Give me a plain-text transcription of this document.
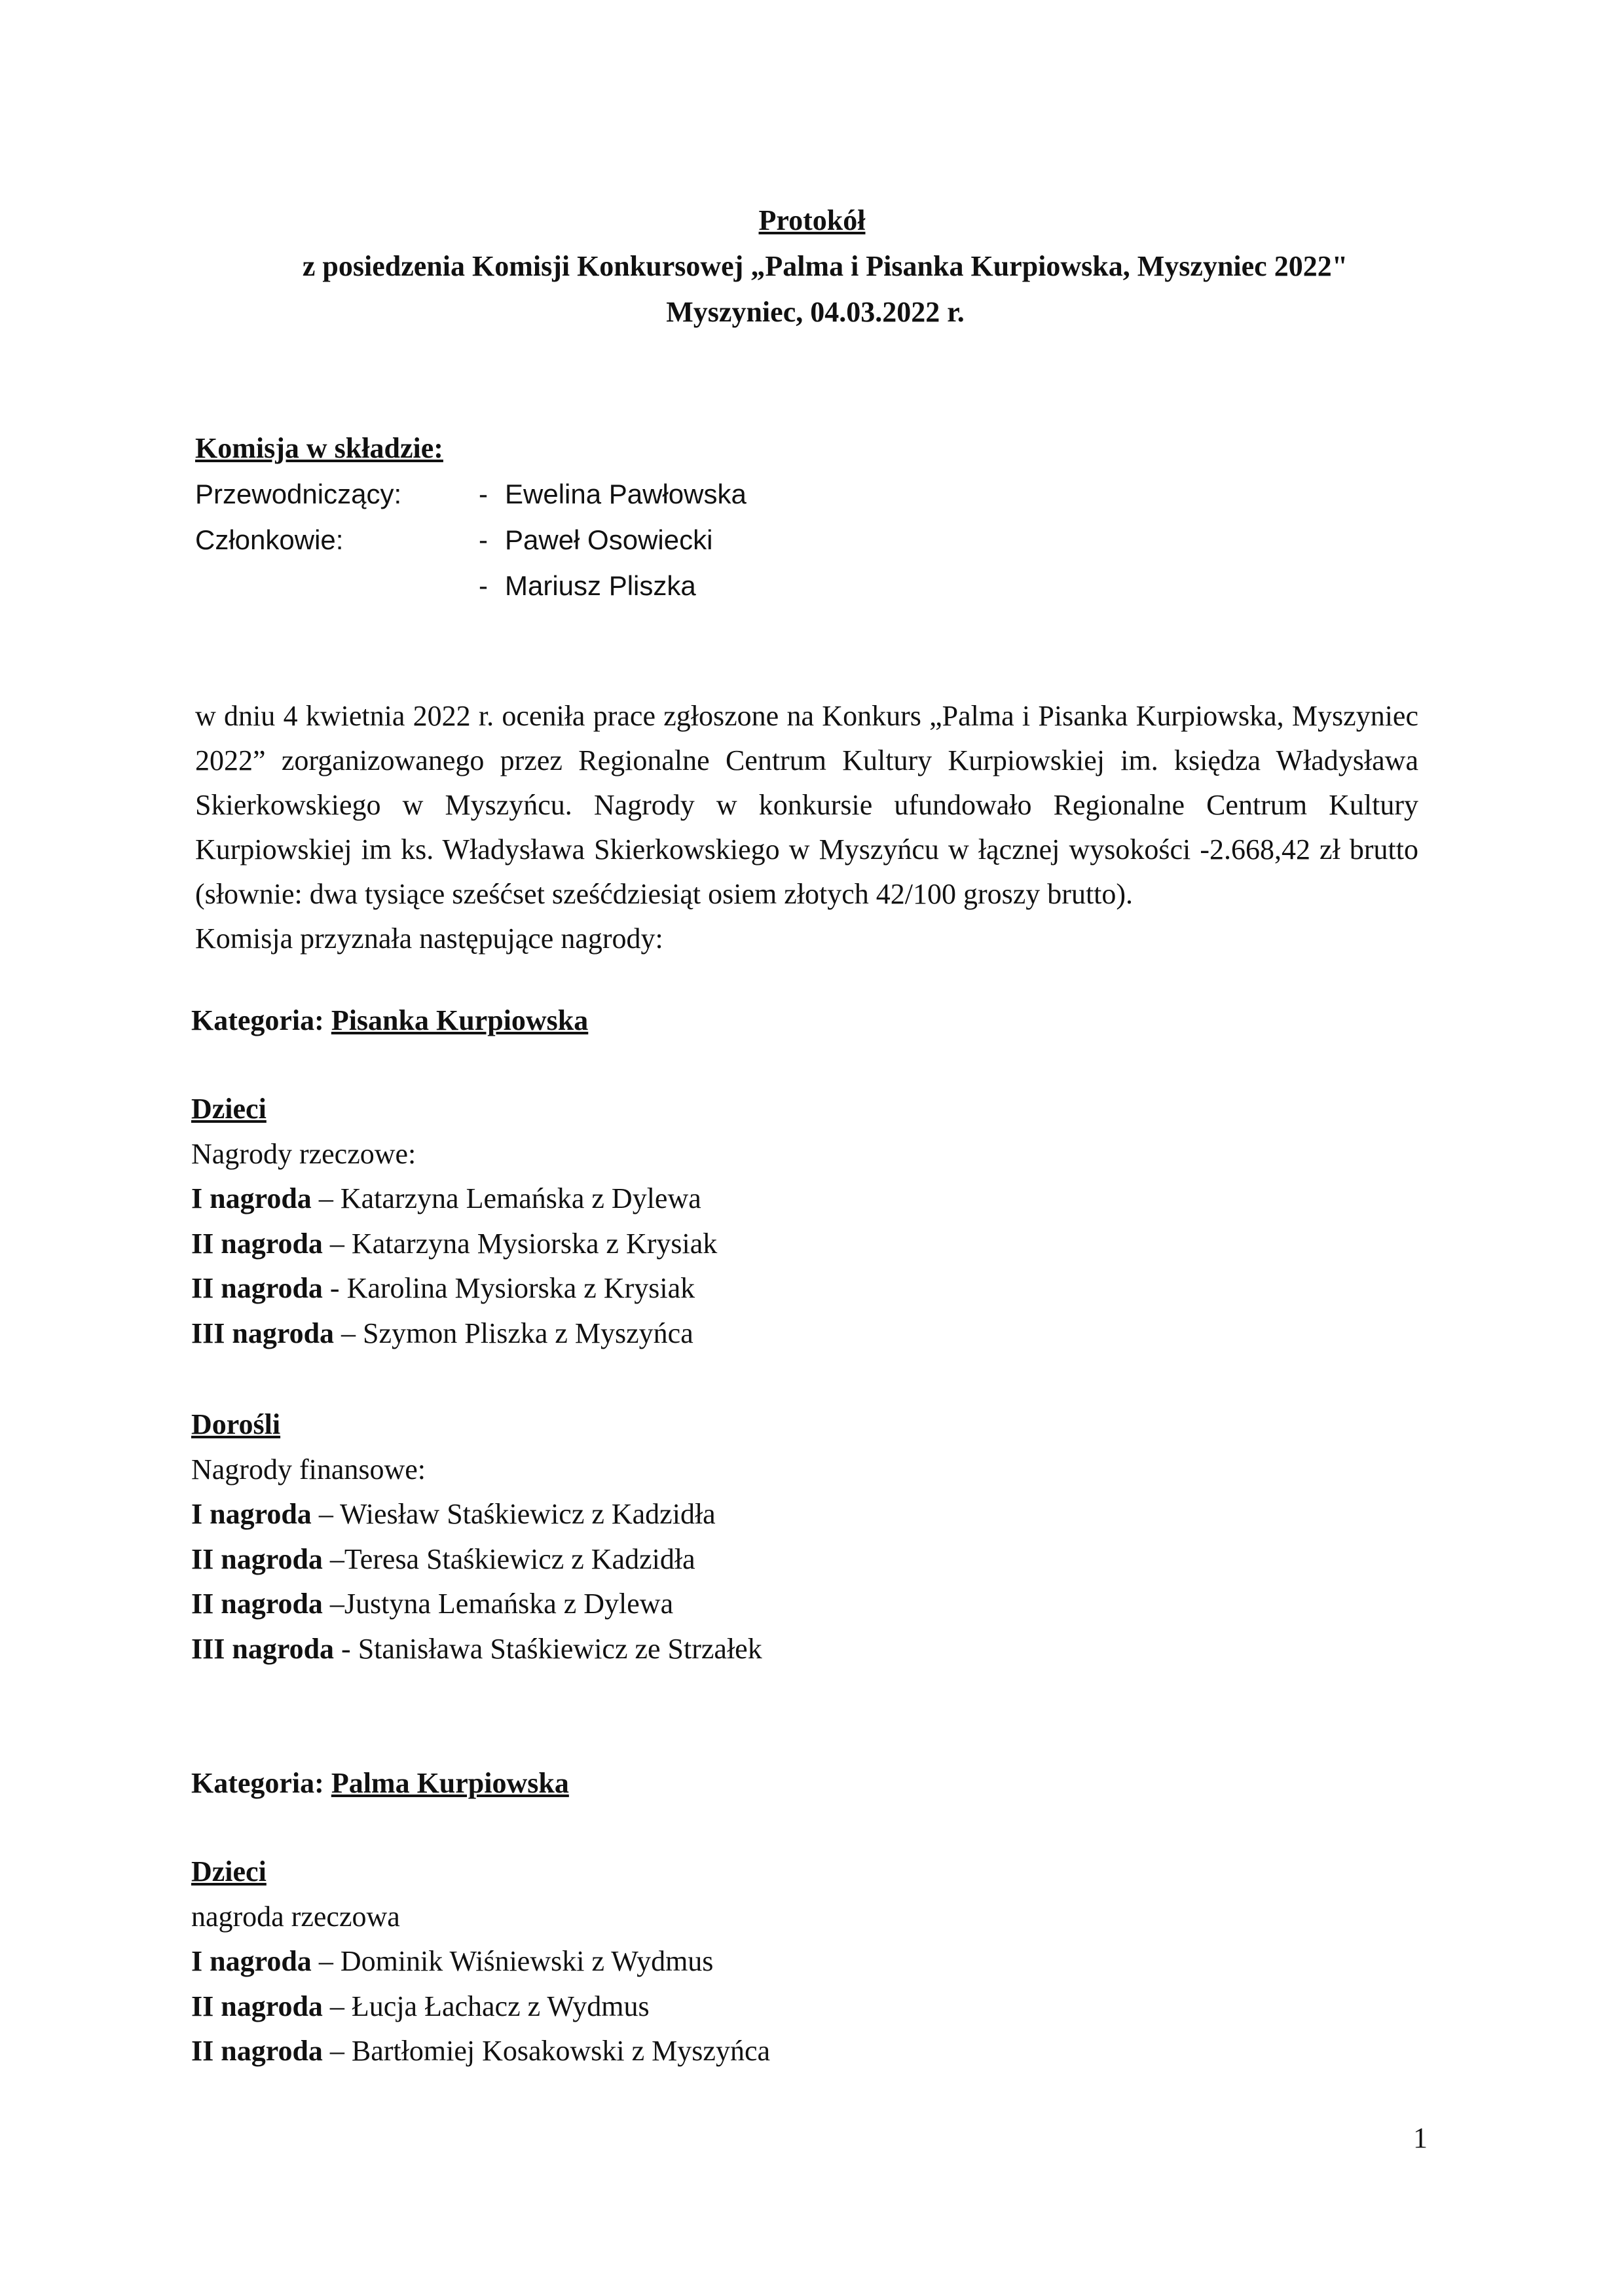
Protokół
z posiedzenia Komisji Konkursowej „Palma i Pisanka Kurpiowska, Myszyniec 2022"
Myszyniec, 04.03.2022 r.
Komisja w składzie:
Przewodniczący:	- Ewelina Pawłowska
Członkowie:	- Paweł Osowiecki
- Mariusz Pliszka

w dniu 4 kwietnia 2022 r. oceniła prace zgłoszone na Konkurs „Palma i Pisanka Kurpiowska, Myszyniec 2022” zorganizowanego przez Regionalne Centrum Kultury Kurpiowskiej im. księdza Władysława Skierkowskiego w Myszyńcu. Nagrody w konkursie ufundowało Regionalne Centrum Kultury Kurpiowskiej im ks. Władysława Skierkowskiego w Myszyńcu w łącznej wysokości -2.668,42 zł brutto (słownie: dwa tysiące sześćset sześćdziesiąt osiem złotych 42/100 groszy brutto).

Komisja przyznała następujące nagrody:

Kategoria: Pisanka Kurpiowska
Dzieci
Nagrody rzeczowe:
I nagroda – Katarzyna Lemańska z Dylewa
II nagroda – Katarzyna Mysiorska z Krysiak
II nagroda - Karolina Mysiorska z Krysiak
III nagroda – Szymon Pliszka z Myszyńca
Dorośli
Nagrody finansowe:
I nagroda – Wiesław Staśkiewicz z Kadzidła
II nagroda –Teresa Staśkiewicz z Kadzidła
II nagroda –Justyna Lemańska z Dylewa
III nagroda - Stanisława Staśkiewicz ze Strzałek
Kategoria: Palma Kurpiowska
Dzieci
nagroda rzeczowa
I nagroda – Dominik Wiśniewski z Wydmus
II nagroda – Łucja Łachacz z Wydmus
II nagroda – Bartłomiej Kosakowski z Myszyńca
1
